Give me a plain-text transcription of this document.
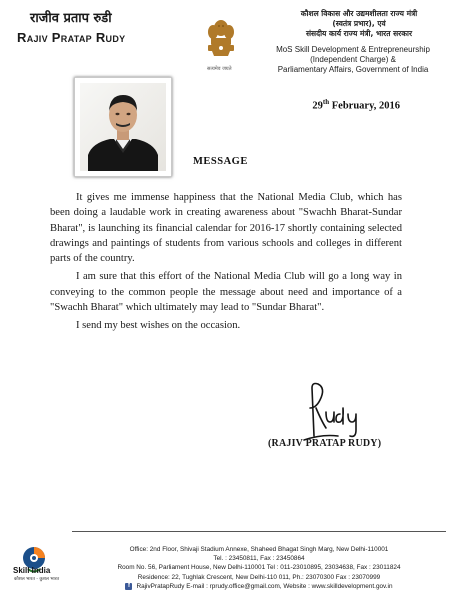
राजीव प्रताप रुडी
Rajiv Pratap Rudy
सत्यमेव जयते
कौशल विकास और उद्यमशीलता राज्य मंत्री
(स्वतंत्र प्रभार), एवं
संसदीय कार्य राज्य मंत्री, भारत सरकार
MoS Skill Development & Entrepreneurship
(Independent Charge) &
Parliamentary Affairs, Government of India
29th February, 2016
MESSAGE

It gives me immense happiness that the National Media Club, which has been doing a laudable work in creating awareness about "Swachh Bharat-Sundar Bharat", is launching its financial calendar for 2016-17 shortly containing selected drawings and paintings of students from various schools and colleges in different parts of the country.

I am sure that this effort of the National Media Club will go a long way in conveying to the common people the message about need and importance of a "Swachh Bharat" which ultimately may lead to "Sundar Bharat".

I send my best wishes on the occasion.

(RAJIV PRATAP RUDY)
Skill India
कौशल भारत - कुशल भारत
Office: 2nd Floor, Shivaji Stadium Annexe, Shaheed Bhagat Singh Marg, New Delhi-110001
Tel. : 23450811, Fax : 23450864
Room No. 56, Parliament House, New Delhi-110001 Tel : 011-23010895, 23034638, Fax : 23011824
Residence: 22, Tughlak Crescent, New Delhi-110 011, Ph.: 23070300 Fax : 23070999
f	RajivPratapRudy E-mail : rprudy.office@gmail.com, Website : www.skilldevelopment.gov.in
